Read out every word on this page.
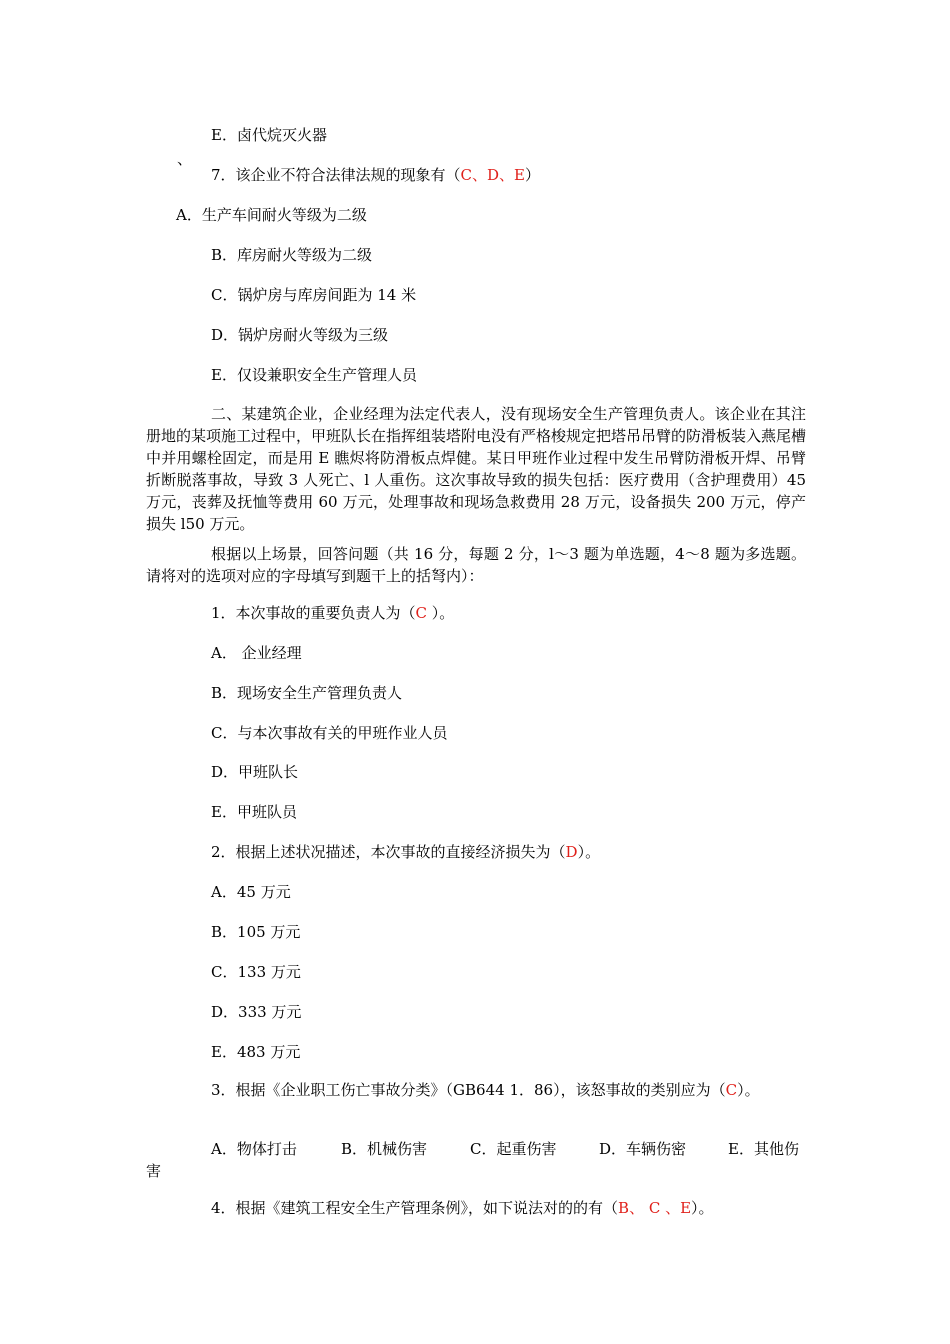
E．卤代烷灭火器
、
7．该企业不符合法律法规的现象有（C、D、E）
A．生产车间耐火等级为二级
B．库房耐火等级为二级
C．锅炉房与库房间距为 14 米
D．锅炉房耐火等级为三级
E．仅设兼职安全生产管理人员
二、某建筑企业，企业经理为法定代表人，没有现场安全生产管理负责人。该企业在其注册地的某项施工过程中，甲班队长在指挥组装塔附电没有严格梭规定把塔吊吊臂的防滑板装入燕尾槽中并用螺栓固定，而是用 E 瞧烬将防滑板点焊健。某日甲班作业过程中发生吊臂防滑板开焊、吊臂折断脱落事故，导致 3 人死亡、l 人重伤。这次事故导致的损失包括：医疗费用（含护理费用）45 万元，丧葬及抚恤等费用 60 万元，处理事故和现场急救费用 28 万元，设备损失 200 万元，停产损失 l50 万元。
根据以上场景，回答问题（共 16 分，每题 2 分，l～3 题为单选题，4～8 题为多选题。请将对的选项对应的字母填写到题干上的括弩内）：
1．本次事故的重要负责人为（C ）。
A． 企业经理
B．现场安全生产管理负责人
C．与本次事故有关的甲班作业人员
D．甲班队长
E．甲班队员
2．根据上述状况描述，本次事故的直接经济损失为（D）。
A．45 万元
B．105 万元
C．133 万元
D．333 万元
E．483 万元
3．根据《企业职工伤亡事故分类》（GB644 1．86），该怒事故的类别应为（C）。
A．物体打击	B．机械伤害	C．起重伤害	D．车辆伤密	E．其他伤
4．根据《建筑工程安全生产管理条例》，如下说法对的的有（B、 C 、E）。
害
